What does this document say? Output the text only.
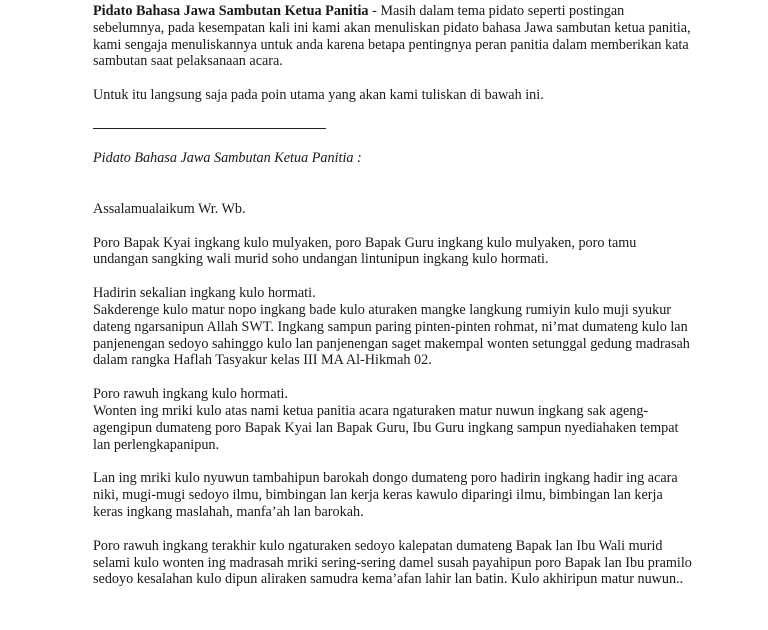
Pidato Bahasa Jawa Sambutan Ketua Panitia - Masih dalam tema pidato seperti postingan sebelumnya, pada kesempatan kali ini kami akan menuliskan pidato bahasa Jawa sambutan ketua panitia, kami sengaja menuliskannya untuk anda karena betapa pentingnya peran panitia dalam memberikan kata sambutan saat pelaksanaan acara.

Untuk itu langsung saja pada poin utama yang akan kami tuliskan di bawah ini.

Pidato Bahasa Jawa Sambutan Ketua Panitia :

Assalamualaikum Wr. Wb.

Poro Bapak Kyai ingkang kulo mulyaken, poro Bapak Guru ingkang kulo mulyaken, poro tamu undangan sangking wali murid soho undangan lintunipun ingkang kulo hormati.

Hadirin sekalian ingkang kulo hormati.
Sakderenge kulo matur nopo ingkang bade kulo aturaken mangke langkung rumiyin kulo muji syukur dateng ngarsanipun Allah SWT. Ingkang sampun paring pinten-pinten rohmat, ni’mat dumateng kulo lan panjenengan sedoyo sahinggo kulo lan panjenengan saget makempal wonten setunggal gedung madrasah dalam rangka Haflah Tasyakur kelas III MA Al-Hikmah 02.

Poro rawuh ingkang kulo hormati.
Wonten ing mriki kulo atas nami ketua panitia acara ngaturaken matur nuwun ingkang sak ageng-agengipun dumateng poro Bapak Kyai lan Bapak Guru, Ibu Guru ingkang sampun nyediahaken tempat lan perlengkapanipun.

Lan ing mriki kulo nyuwun tambahipun barokah dongo dumateng poro hadirin ingkang hadir ing acara niki, mugi-mugi sedoyo ilmu, bimbingan lan kerja keras kawulo diparingi ilmu, bimbingan lan kerja keras ingkang maslahah, manfa’ah lan barokah.

Poro rawuh ingkang terakhir kulo ngaturaken sedoyo kalepatan dumateng Bapak lan Ibu Wali murid selami kulo wonten ing madrasah mriki sering-sering damel susah payahipun poro Bapak lan Ibu pramilo sedoyo kesalahan kulo dipun aliraken samudra kema’afan lahir lan batin. Kulo akhiripun matur nuwun..
